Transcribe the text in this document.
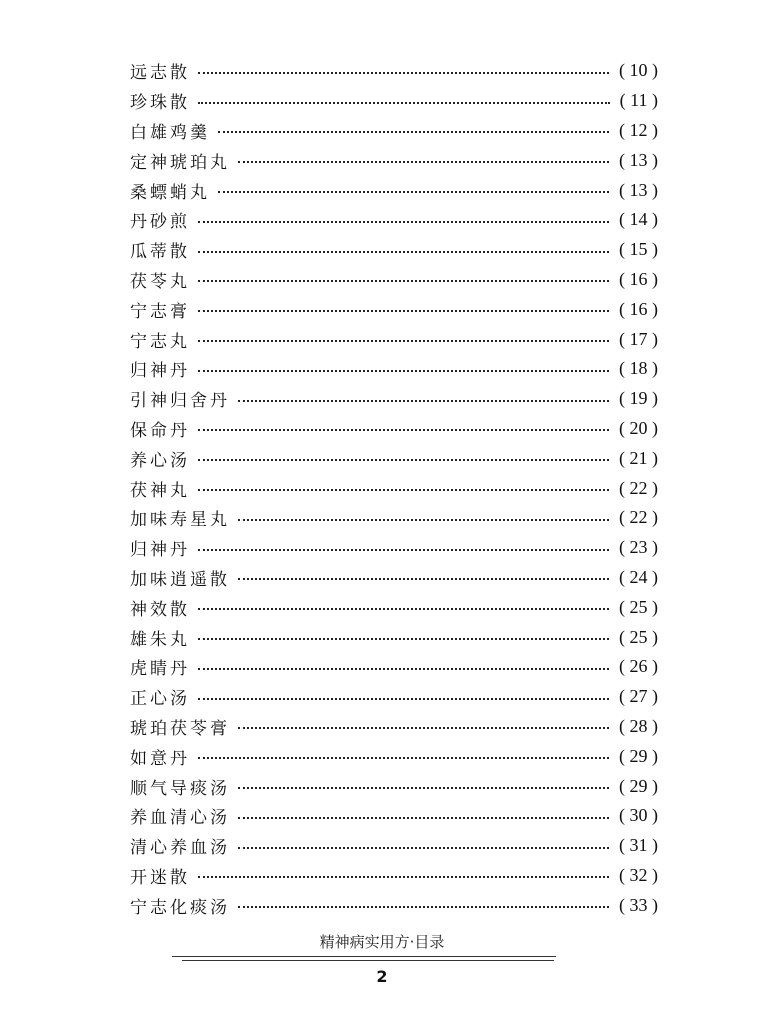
远志散	( 10 )
珍珠散	( 11 )
白雄鸡羹	( 12 )
定神琥珀丸	( 13 )
桑螵蛸丸	( 13 )
丹砂煎	( 14 )
瓜蒂散	( 15 )
茯苓丸	( 16 )
宁志膏	( 16 )
宁志丸	( 17 )
归神丹	( 18 )
引神归舍丹	( 19 )
保命丹	( 20 )
养心汤	( 21 )
茯神丸	( 22 )
加味寿星丸	( 22 )
归神丹	( 23 )
加味逍遥散	( 24 )
神效散	( 25 )
雄朱丸	( 25 )
虎睛丹	( 26 )
正心汤	( 27 )
琥珀茯苓膏	( 28 )
如意丹	( 29 )
顺气导痰汤	( 29 )
养血清心汤	( 30 )
清心养血汤	( 31 )
开迷散	( 32 )
宁志化痰汤	( 33 )
精神病实用方·目录
2
